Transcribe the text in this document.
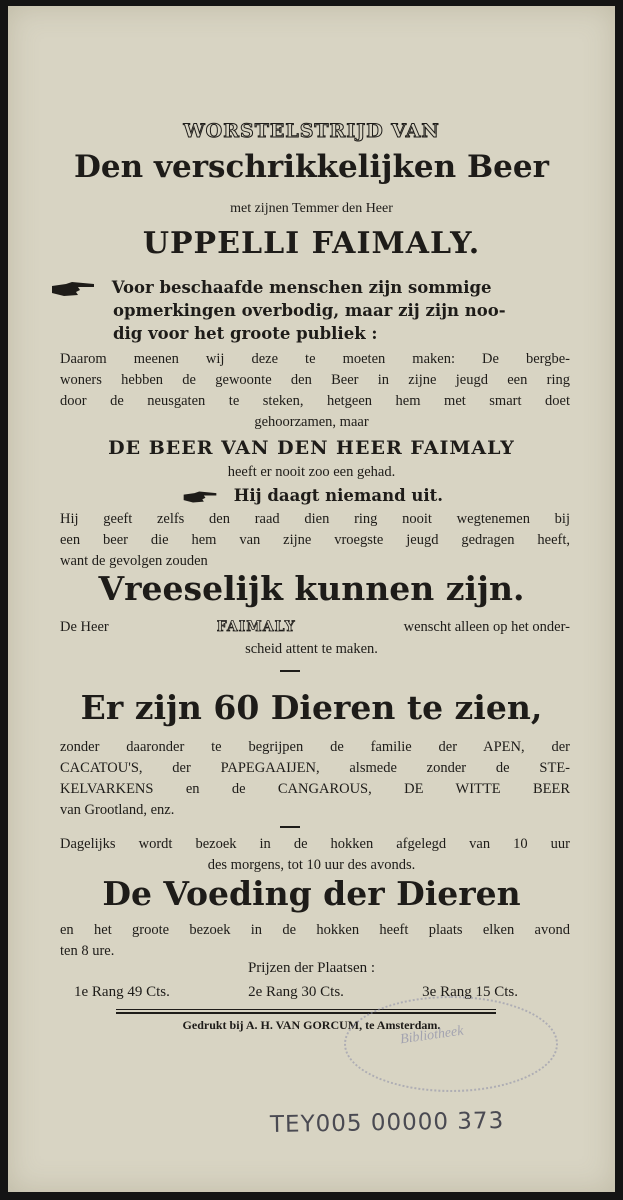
WORSTELSTRIJD VAN
Den verschrikkelijken Beer
met zijnen Temmer den Heer
UPPELLI FAIMALY.
Voor beschaafde menschen zijn sommige
opmerkingen overbodig, maar zij zijn noo-
dig voor het groote publiek :
Daarom meenen wij deze te moeten maken: De bergbe-
woners hebben de gewoonte den Beer in zijne jeugd een ring
door de neusgaten te steken, hetgeen hem met smart doet
gehoorzamen, maar
DE BEER VAN DEN HEER FAIMALY
heeft er nooit zoo een gehad.
Hij daagt niemand uit.
Hij geeft zelfs den raad dien ring nooit wegtenemen bij
een beer die hem van zijne vroegste jeugd gedragen heeft,
want de gevolgen zouden
Vreeselijk kunnen zijn.
De Heer	FAIMALY	wenscht alleen op het onder-
scheid attent te maken.
Er zijn 60 Dieren te zien,
zonder daaronder te begrijpen de familie der APEN, der
CACATOU'S, der PAPEGAAIJEN, alsmede zonder de STE-
KELVARKENS en de CANGAROUS, DE WITTE BEER
van Grootland, enz.
Dagelijks wordt bezoek in de hokken afgelegd van 10 uur
des morgens, tot 10 uur des avonds.
De Voeding der Dieren
en het groote bezoek in de hokken heeft plaats elken avond
ten 8 ure.
Prijzen der Plaatsen :
1e Rang 49 Cts.	2e Rang 30 Cts.	3e Rang 15 Cts.
Gedrukt bij A. H. VAN GORCUM, te Amsterdam.
Bibliotheek
TEY005 00000 373
